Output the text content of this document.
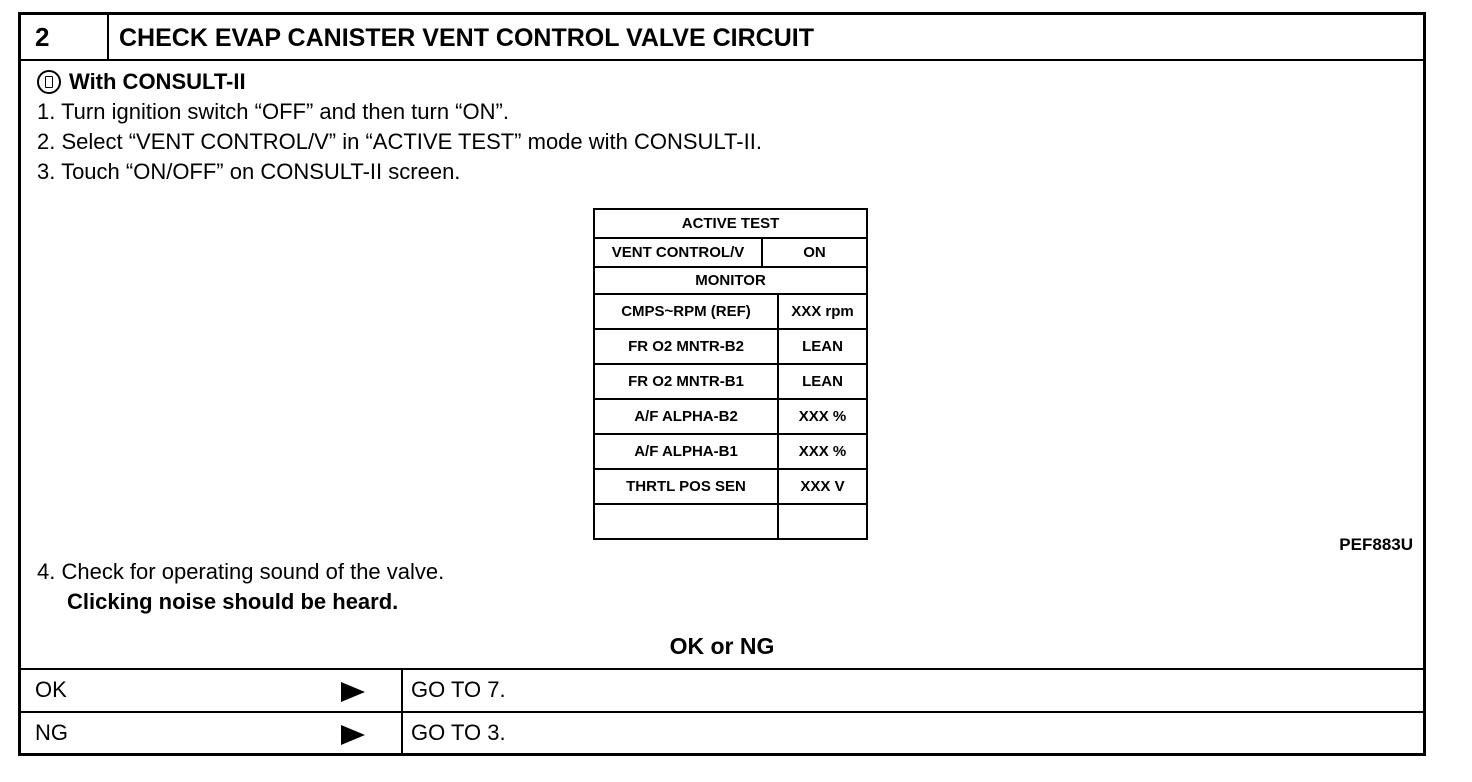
2	CHECK EVAP CANISTER VENT CONTROL VALVE CIRCUIT
With CONSULT-II
1. Turn ignition switch “OFF” and then turn “ON”.
2. Select “VENT CONTROL/V” in “ACTIVE TEST” mode with CONSULT-II.
3. Touch “ON/OFF” on CONSULT-II screen.
ACTIVE TEST
VENT CONTROL/V	ON
MONITOR
CMPS~RPM (REF)	XXX rpm
FR O2 MNTR-B2	LEAN
FR O2 MNTR-B1	LEAN
A/F ALPHA-B2	XXX %
A/F ALPHA-B1	XXX %
THRTL POS SEN	XXX V
PEF883U
4. Check for operating sound of the valve.
Clicking noise should be heard.
OK or NG
OK	GO TO 7.
NG	GO TO 3.
